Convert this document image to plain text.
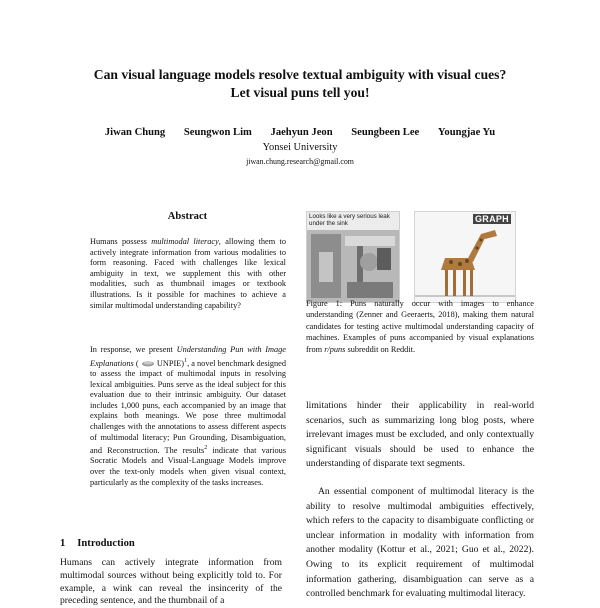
Can visual language models resolve textual ambiguity with visual cues?
Let visual puns tell you!
Jiwan Chung Seungwon Lim Jaehyun Jeon Seungbeen Lee Youngjae Yu
Yonsei University
jiwan.chung.research@gmail.com
Abstract

Humans possess multimodal literacy, allowing them to actively integrate information from various modalities to form reasoning. Faced with challenges like lexical ambiguity in text, we supplement this with other modalities, such as thumbnail images or textbook illustrations. Is it possible for machines to achieve a similar multimodal understanding capability?

In response, we present Understanding Pun with Image Explanations (  UNPIE)$^1$, a novel benchmark designed to assess the impact of multimodal inputs in resolving lexical ambiguities. Puns serve as the ideal subject for this evaluation due to their intrinsic ambiguity. Our dataset includes 1,000 puns, each accompanied by an image that explains both meanings. We pose three multimodal challenges with the annotations to assess different aspects of multimodal literacy; Pun Grounding, Disambiguation, and Reconstruction. The results$^2$ indicate that various Socratic Models and Visual-Language Models improve over the text-only models when given visual context, particularly as the complexity of the tasks increases.

1 Introduction
Humans can actively integrate information from multimodal sources without being explicitly told to. For example, a wink can reveal the insincerity of the preceding sentence, and the thumbnail of a
Looks like a very serious leak under the sink	GRAPH
Figure 1: Puns naturally occur with images to enhance understanding (Zenner and Geeraerts, 2018), making them natural candidates for testing active multimodal understanding capacity of machines. Examples of puns accompanied by visual explanations from r/puns subreddit on Reddit.
limitations hinder their applicability in real-world scenarios, such as summarizing long blog posts, where irrelevant images must be excluded, and only contextually significant visuals should be used to enhance the understanding of disparate text segments.
An essential component of multimodal literacy is the ability to resolve multimodal ambiguities effectively, which refers to the capacity to disambiguate conflicting or unclear information in modality with information from another modality (Kottur et al., 2021; Guo et al., 2022). Owing to its explicit requirement of multimodal information gathering, disambiguation can serve as a controlled benchmark for evaluating multimodal literacy.
